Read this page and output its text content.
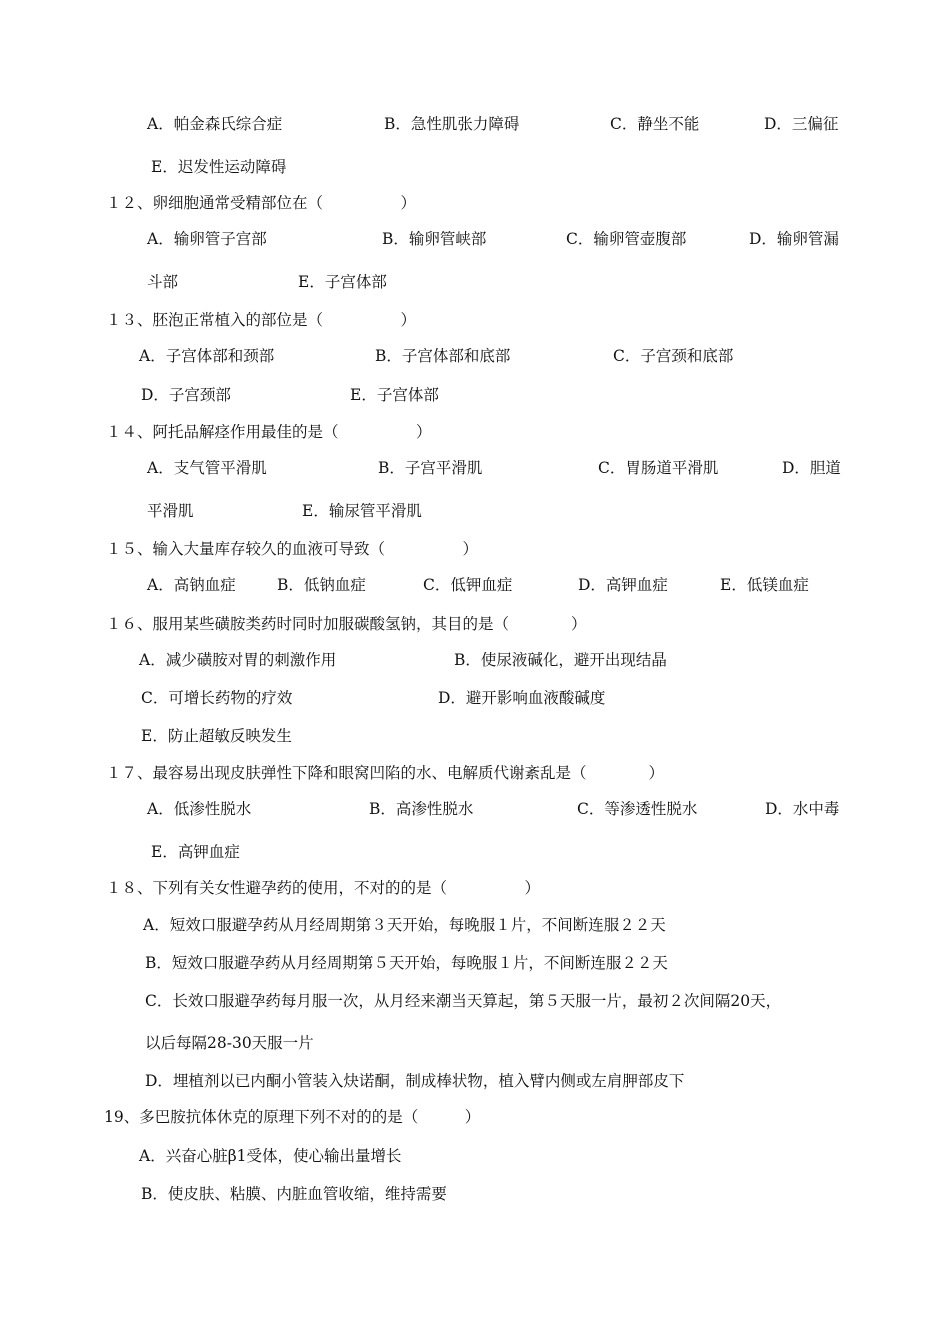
A．帕金森氏综合症	B．急性肌张力障碍	C．静坐不能	D．三偏征
E．迟发性运动障碍
１２、卵细胞通常受精部位在（　　　　　）
A．输卵管子宫部	B．输卵管峡部	C．输卵管壶腹部	D．输卵管漏
斗部	E．子宫体部
１３、胚泡正常植入的部位是（　　　　　）
A．子宫体部和颈部	B．子宫体部和底部	C．子宫颈和底部
D．子宫颈部	E．子宫体部
１４、阿托品解痉作用最佳的是（　　　　　）
A．支气管平滑肌	B．子宫平滑肌	C．胃肠道平滑肌	D．胆道
平滑肌	E．输尿管平滑肌
１５、输入大量库存较久的血液可导致（　　　　　）
A．高钠血症	B．低钠血症	C．低钾血症	D．高钾血症	E．低镁血症
１６、服用某些磺胺类药时同时加服碳酸氢钠，其目的是（　　　　）
A．减少磺胺对胃的刺激作用	B．使尿液碱化，避开出现结晶
C．可增长药物的疗效	D．避开影响血液酸碱度
E．防止超敏反映发生
１７、最容易出现皮肤弹性下降和眼窝凹陷的水、电解质代谢紊乱是（　　　　）
A．低渗性脱水	B．高渗性脱水	C．等渗透性脱水	D．水中毒
E．高钾血症
１８、下列有关女性避孕药的使用，不对的的是（　　　　　）
A．短效口服避孕药从月经周期第３天开始，每晚服１片，不间断连服２２天
B．短效口服避孕药从月经周期第５天开始，每晚服１片，不间断连服２２天
C．长效口服避孕药每月服一次，从月经来潮当天算起，第５天服一片，最初２次间隔20天，
以后每隔28-30天服一片
D．埋植剂以已内酮小管装入炔诺酮，制成棒状物，植入臂内侧或左肩胛部皮下
19、多巴胺抗体休克的原理下列不对的的是（　　　）
A．兴奋心脏β1受体，使心输出量增长
B．使皮肤、粘膜、内脏血管收缩，维持需要
